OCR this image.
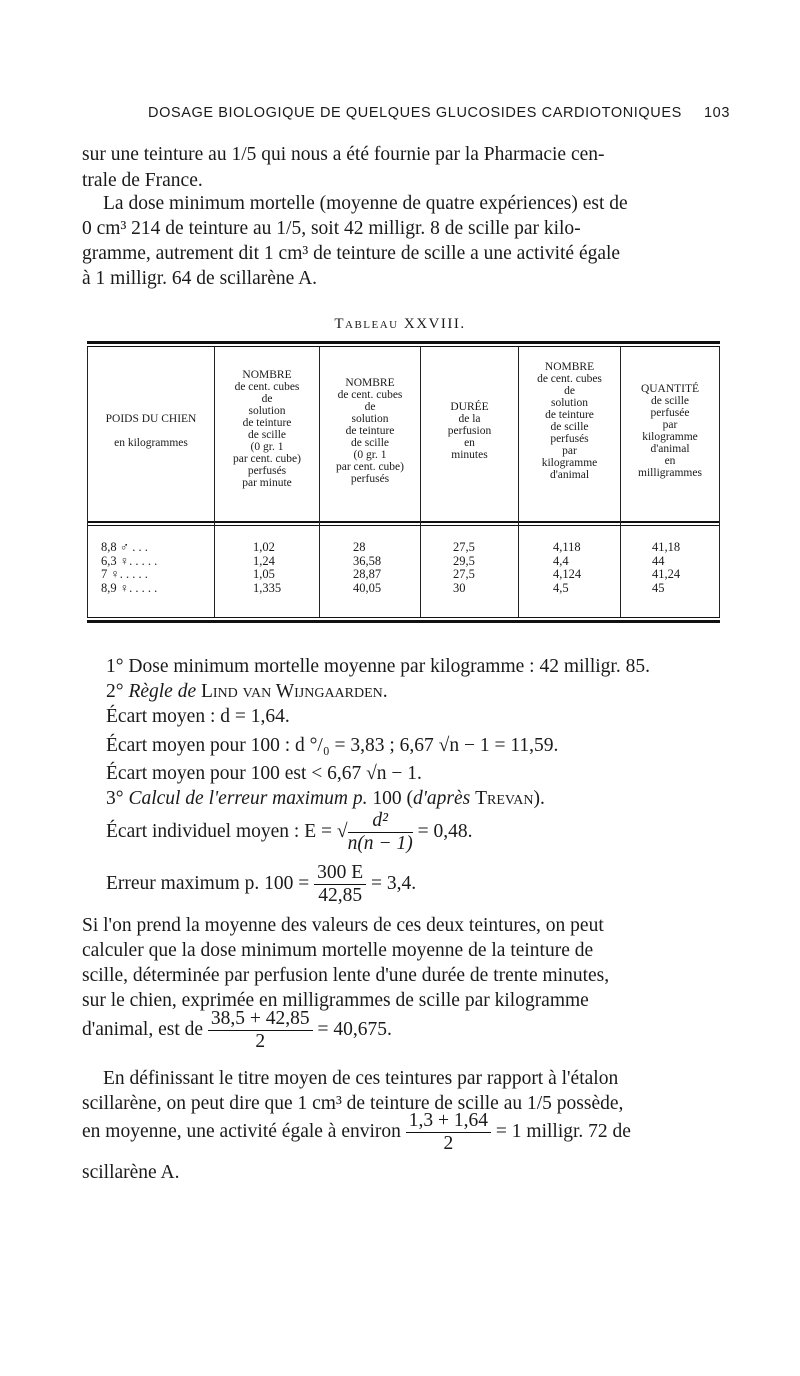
DOSAGE BIOLOGIQUE DE QUELQUES GLUCOSIDES CARDIOTONIQUES 103
sur une teinture au 1/5 qui nous a été fournie par la Pharmacie cen-
trale de France.
La dose minimum mortelle (moyenne de quatre expériences) est de
0 cm³ 214 de teinture au 1/5, soit 42 milligr. 8 de scille par kilo-
gramme, autrement dit 1 cm³ de teinture de scille a une activité égale
à 1 milligr. 64 de scillarène A.
Tableau XXVIII.
POIDS DU CHIEN

en kilogrammes
NOMBRE
de cent. cubes
de
solution
de teinture
de scille
(0 gr. 1
par cent. cube)
perfusés
par minute
NOMBRE
de cent. cubes
de
solution
de teinture
de scille
(0 gr. 1
par cent. cube)
perfusés
DURÉE
de la
perfusion
en
minutes
NOMBRE
de cent. cubes
de
solution
de teinture
de scille
perfusés
par
kilogramme
d'animal
QUANTITÉ
de scille
perfusée
par
kilogramme
d'animal
en
milligrammes
8,8 ♂ . . .
6,3 ♀. . . . .
7 ♀. . . . .
8,9 ♀. . . . .
1,02
1,24
1,05
1,335
28
36,58
28,87
40,05
27,5
29,5
27,5
30
4,118
4,4
4,124
4,5
41,18
44
41,24
45
1° Dose minimum mortelle moyenne par kilogramme : 42 milligr. 85.
2° Règle de Lind van Wijngaarden.
Écart moyen : d = 1,64.
Écart moyen pour 100 : d °/₀ = 3,83 ; 6,67 √n − 1 = 11,59.
Écart moyen pour 100 est < 6,67 √n − 1.
3° Calcul de l'erreur maximum p. 100 (d'après Trevan).
Écart individuel moyen : E = √ $\frac{\text{d²}}{n(n - 1)} = 0,48$.
Erreur maximum p. $100 = \frac{300 E}{42,85} = 3,4$.
Si l'on prend la moyenne des valeurs de ces deux teintures, on peut
calculer que la dose minimum mortelle moyenne de la teinture de
scille, déterminée par perfusion lente d'une durée de trente minutes,
sur le chien, exprimée en milligrammes de scille par kilogramme
d'animal, est de $\frac{38,5 + 42,85}{2} = 40,675$.
En définissant le titre moyen de ces teintures par rapport à l'étalon
scillarène, on peut dire que 1 cm³ de teinture de scille au 1/5 possède,
en moyenne, une activité égale à environ $\frac{1,3 + 1,64}{2} = 1$ milligr. 72 de
scillarène A.
